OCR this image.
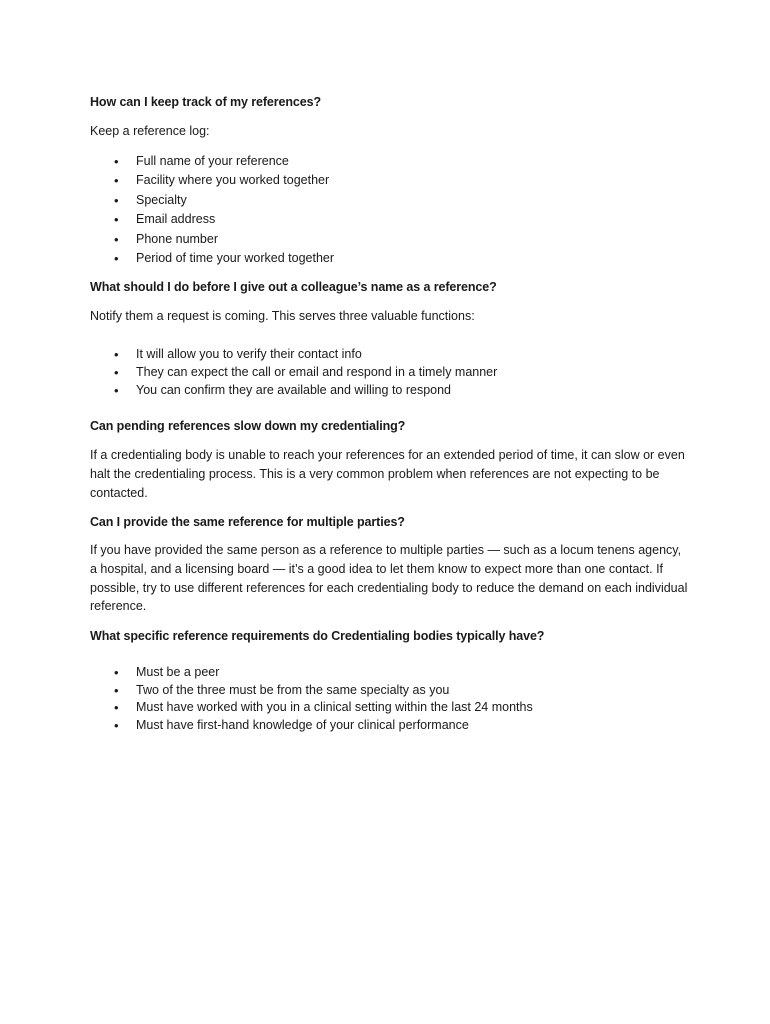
How can I keep track of my references?
Keep a reference log:
• Full name of your reference
• Facility where you worked together
• Specialty
• Email address
• Phone number
• Period of time your worked together
What should I do before I give out a colleague’s name as a reference?
Notify them a request is coming. This serves three valuable functions:
• It will allow you to verify their contact info
• They can expect the call or email and respond in a timely manner
• You can confirm they are available and willing to respond
Can pending references slow down my credentialing?
If a credentialing body is unable to reach your references for an extended period of time, it can slow or even halt the credentialing process. This is a very common problem when references are not expecting to be contacted.
Can I provide the same reference for multiple parties?
If you have provided the same person as a reference to multiple parties — such as a locum tenens agency, a hospital, and a licensing board — it’s a good idea to let them know to expect more than one contact. If possible, try to use different references for each credentialing body to reduce the demand on each individual reference.
What specific reference requirements do Credentialing bodies typically have?
• Must be a peer
• Two of the three must be from the same specialty as you
• Must have worked with you in a clinical setting within the last 24 months
• Must have first-hand knowledge of your clinical performance
